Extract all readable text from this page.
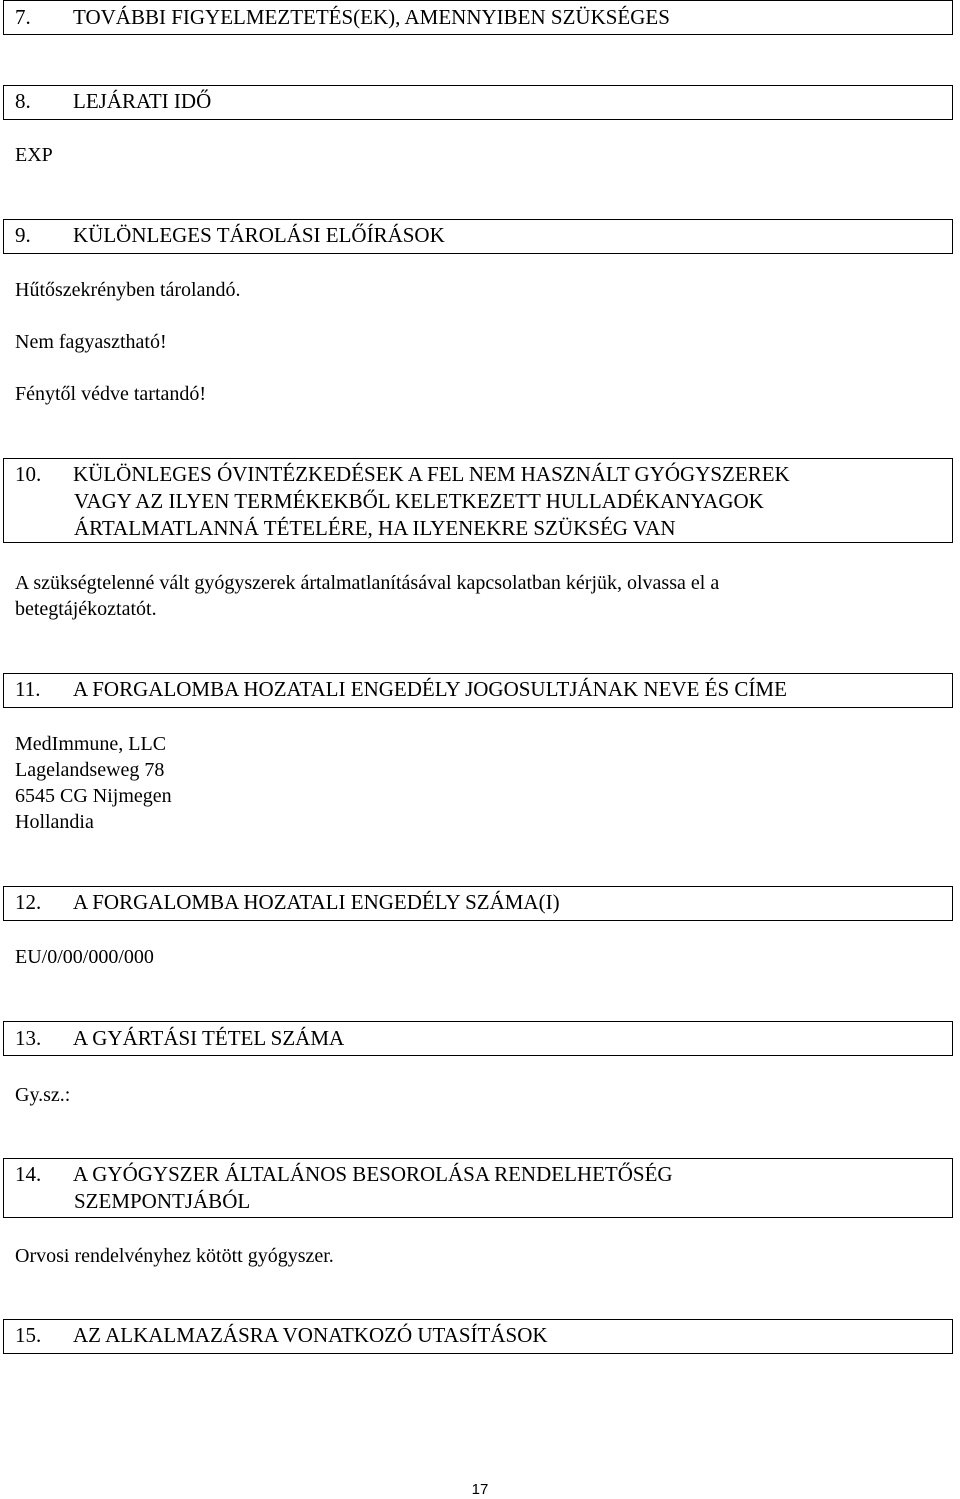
7. TOVÁBBI FIGYELMEZTETÉS(EK), AMENNYIBEN SZÜKSÉGES
8. LEJÁRATI IDŐ
EXP
9. KÜLÖNLEGES TÁROLÁSI ELŐÍRÁSOK
Hűtőszekrényben tárolandó.
Nem fagyasztható!
Fénytől védve tartandó!
10. KÜLÖNLEGES ÓVINTÉZKEDÉSEK A FEL NEM HASZNÁLT GYÓGYSZEREK
VAGY AZ ILYEN TERMÉKEKBŐL KELETKEZETT HULLADÉKANYAGOK
ÁRTALMATLANNÁ TÉTELÉRE, HA ILYENEKRE SZÜKSÉG VAN
A szükségtelenné vált gyógyszerek ártalmatlanításával kapcsolatban kérjük, olvassa el a
betegtájékoztatót.
11. A FORGALOMBA HOZATALI ENGEDÉLY JOGOSULTJÁNAK NEVE ÉS CÍME
MedImmune, LLC
Lagelandseweg 78
6545 CG Nijmegen
Hollandia
12. A FORGALOMBA HOZATALI ENGEDÉLY SZÁMA(I)
EU/0/00/000/000
13. A GYÁRTÁSI TÉTEL SZÁMA
Gy.sz.:
14. A GYÓGYSZER ÁLTALÁNOS BESOROLÁSA RENDELHETŐSÉG
SZEMPONTJÁBÓL
Orvosi rendelvényhez kötött gyógyszer.
15. AZ ALKALMAZÁSRA VONATKOZÓ UTASÍTÁSOK
17
